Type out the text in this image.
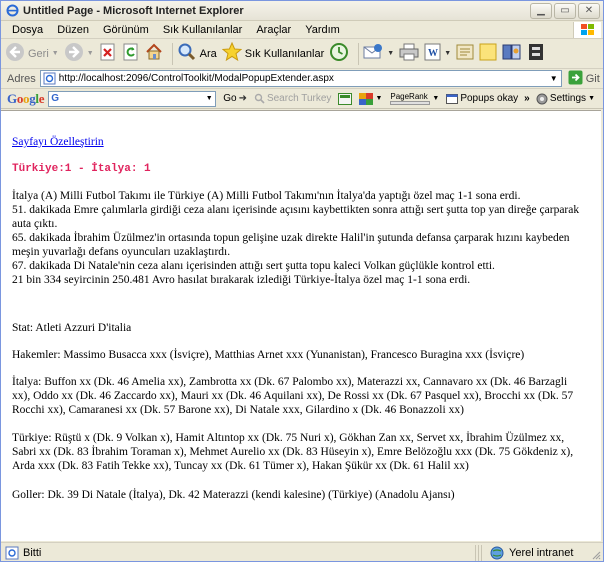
Untitled Page - Microsoft Internet Explorer	▁ ▭ ✕
Dosya	Düzen	Görünüm	Sık Kullanılanlar	Araçlar	Yardım
Geri ▼	▼	Ara	Sık Kullanılanlar	▼	W ▼
Adres http://localhost:2096/ControlToolkit/ModalPopupExtender.aspx	▼	Git
Google G	▼ Go ➜ Search Turkey	▼ PageRank ▼ Popups okay » Settings ▼
Sayfayı Özelleştirin
Türkiye:1 - İtalya: 1
İtalya (A) Milli Futbol Takımı ile Türkiye (A) Milli Futbol Takımı'nın İtalya'da yaptığı özel maç 1-1 sona erdi.
51. dakikada Emre çalımlarla girdiği ceza alanı içerisinde açısını kaybettikten sonra attığı sert şutta top yan direğe çarparak auta çıktı.
65. dakikada İbrahim Üzülmez'in ortasında topun gelişine uzak direkte Halil'in şutunda defansa çarparak hızını kaybeden meşin yuvarlağı defans oyuncuları uzaklaştırdı.
67. dakikada Di Natale'nin ceza alanı içerisinden attığı sert şutta topu kaleci Volkan güçlükle kontrol etti.
21 bin 334 seyircinin 250.481 Avro hasılat bırakarak izlediği Türkiye-İtalya özel maç 1-1 sona erdi.
Stat: Atleti Azzuri D'italia
Hakemler: Massimo Busacca xxx (İsviçre), Matthias Arnet xxx (Yunanistan), Francesco Buragina xxx (İsviçre)
İtalya: Buffon xx (Dk. 46 Amelia xx), Zambrotta xx (Dk. 67 Palombo xx), Materazzi xx, Cannavaro xx (Dk. 46 Barzagli xx), Oddo xx (Dk. 46 Zaccardo xx), Mauri xx (Dk. 46 Aquilani xx), De Rossi xx (Dk. 67 Pasquel xx), Brocchi xx (Dk. 57 Rocchi xx), Camaranesi xx (Dk. 57 Barone xx), Di Natale xxx, Gilardino x (Dk. 46 Bonazzoli xx)
Türkiye: Rüştü x (Dk. 9 Volkan x), Hamit Altıntop xx (Dk. 75 Nuri x), Gökhan Zan xx, Servet xx, İbrahim Üzülmez xx, Sabri xx (Dk. 83 İbrahim Toraman x), Mehmet Aurelio xx (Dk. 83 Hüseyin x), Emre Belözoğlu xxx (Dk. 75 Gökdeniz x), Arda xxx (Dk. 83 Fatih Tekke xx), Tuncay xx (Dk. 61 Tümer x), Hakan Şükür xx (Dk. 61 Halil xx)
Goller: Dk. 39 Di Natale (İtalya), Dk. 42 Materazzi (kendi kalesine) (Türkiye) (Anadolu Ajansı)
Bitti	Yerel intranet
